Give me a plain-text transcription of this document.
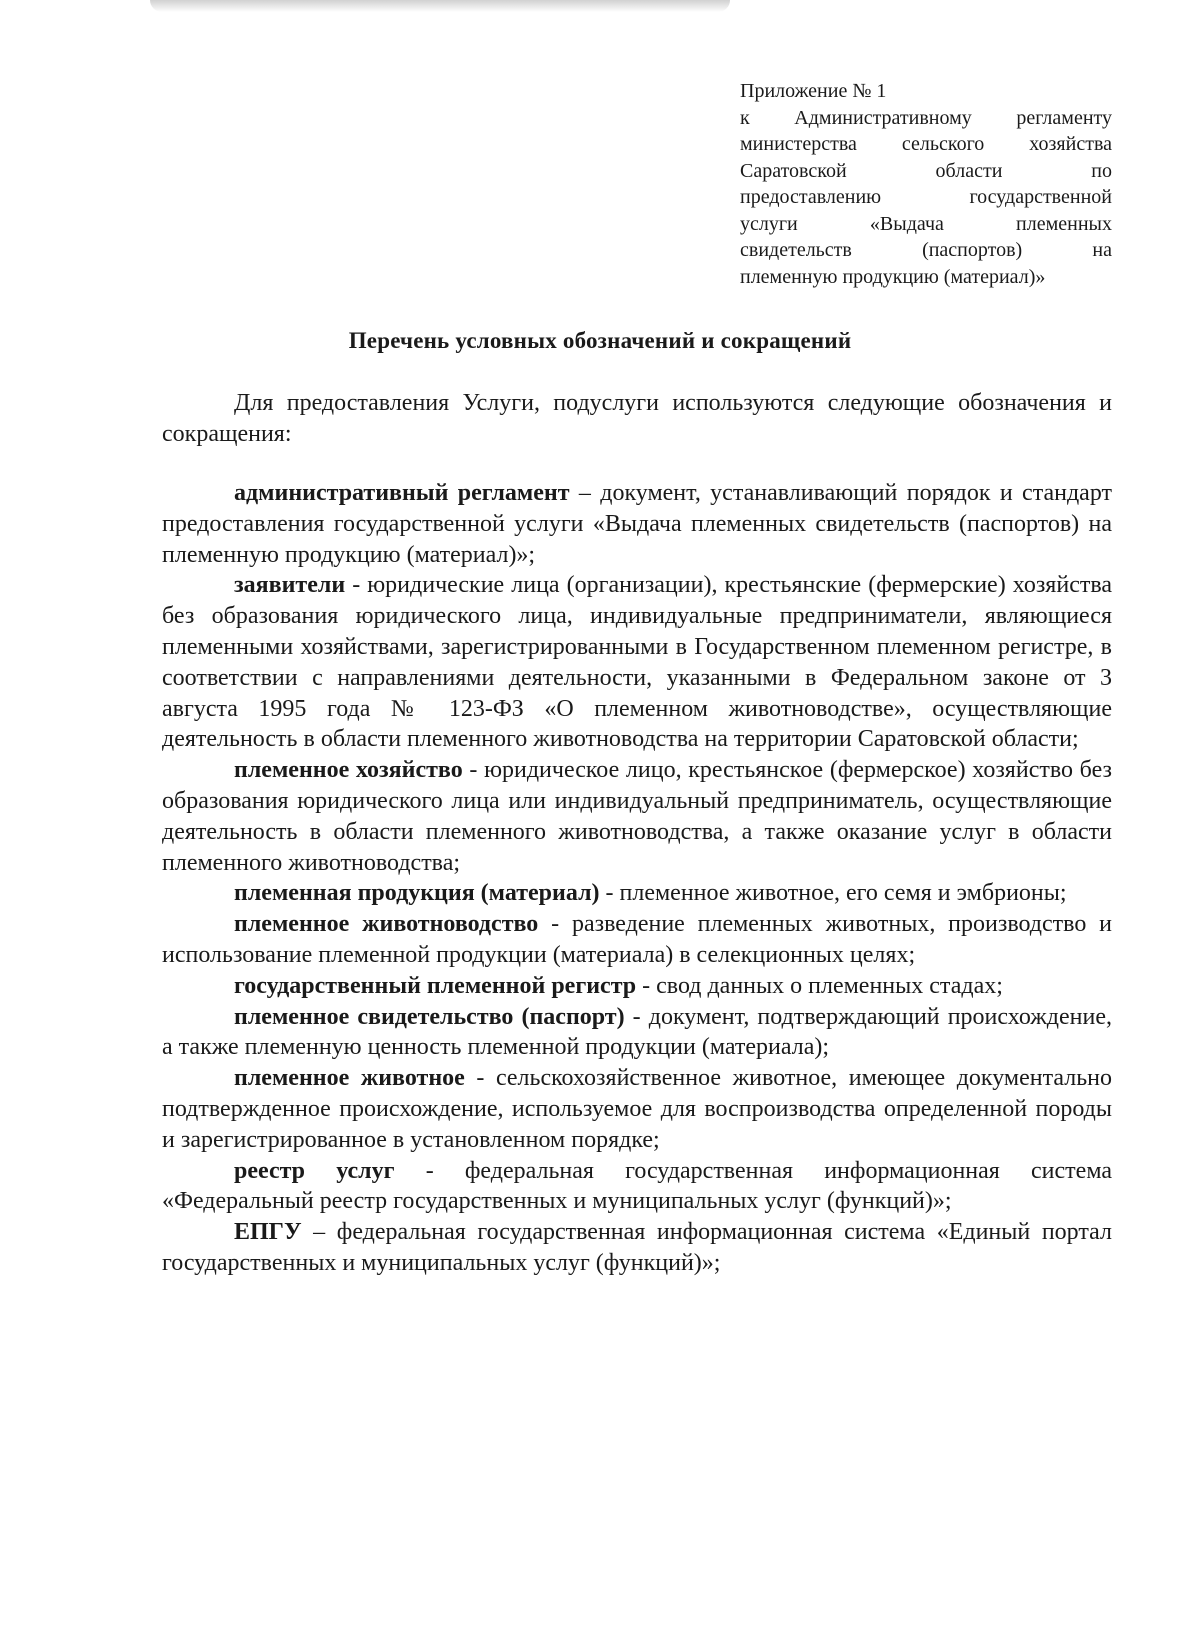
Приложение № 1
к Административному регламенту
министерства сельского хозяйства
Саратовской области по
предоставлению государственной
услуги «Выдача племенных
свидетельств (паспортов) на
племенную продукцию (материал)»
Перечень условных обозначений и сокращений

Для предоставления Услуги, подуслуги используются следующие обозначения и сокращения:

административный регламент – документ, устанавливающий порядок и стандарт предоставления государственной услуги «Выдача племенных свидетельств (паспортов) на племенную продукцию (материал)»;

заявители - юридические лица (организации), крестьянские (фермерские) хозяйства без образования юридического лица, индивидуальные предприниматели, являющиеся племенными хозяйствами, зарегистрированными в Государственном племенном регистре, в соответствии с направлениями деятельности, указанными в Федеральном законе от 3 августа 1995 года № 123-ФЗ «О племенном животноводстве», осуществляющие деятельность в области племенного животноводства на территории Саратовской области;

племенное хозяйство - юридическое лицо, крестьянское (фермерское) хозяйство без образования юридического лица или индивидуальный предприниматель, осуществляющие деятельность в области племенного животноводства, а также оказание услуг в области племенного животноводства;

племенная продукция (материал) - племенное животное, его семя и эмбрионы;

племенное животноводство - разведение племенных животных, производство и использование племенной продукции (материала) в селекционных целях;

государственный племенной регистр - свод данных о племенных стадах;

племенное свидетельство (паспорт) - документ, подтверждающий происхождение, а также племенную ценность племенной продукции (материала);

племенное животное - сельскохозяйственное животное, имеющее документально подтвержденное происхождение, используемое для воспроизводства определенной породы и зарегистрированное в установленном порядке;

реестр услуг - федеральная государственная информационная система «Федеральный реестр государственных и муниципальных услуг (функций)»;

ЕПГУ – федеральная государственная информационная система «Единый портал государственных и муниципальных услуг (функций)»;
